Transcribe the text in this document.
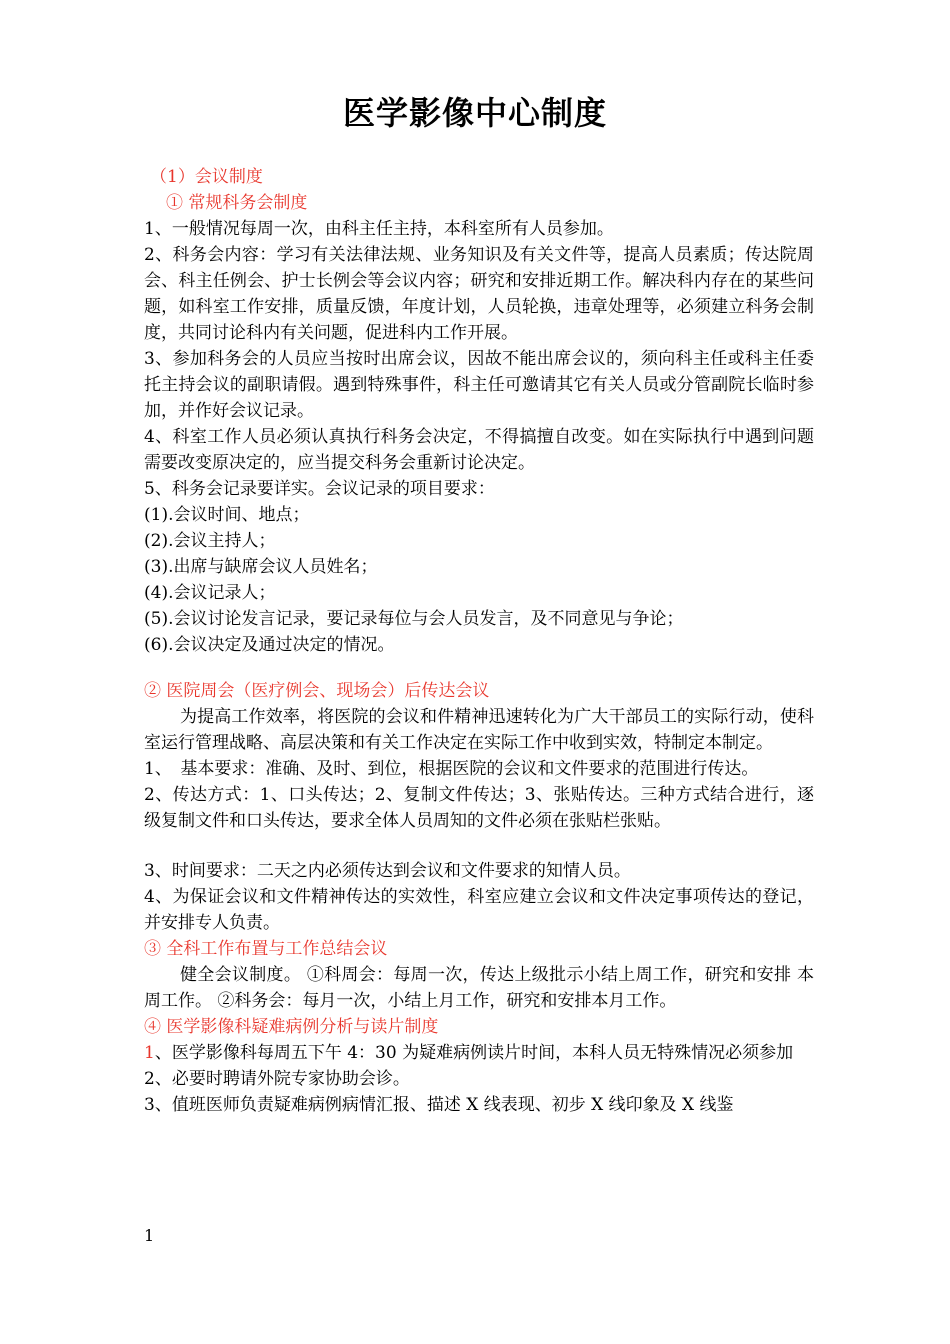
医学影像中心制度

（1）会议制度

① 常规科务会制度

1、一般情况每周一次，由科主任主持，本科室所有人员参加。

2、科务会内容：学习有关法律法规、业务知识及有关文件等，提高人员素质；传达院周会、科主任例会、护士长例会等会议内容；研究和安排近期工作。解决科内存在的某些问题，如科室工作安排，质量反馈，年度计划，人员轮换，违章处理等，必须建立科务会制度，共同讨论科内有关问题，促进科内工作开展。

3、参加科务会的人员应当按时出席会议，因故不能出席会议的，须向科主任或科主任委托主持会议的副职请假。遇到特殊事件，科主任可邀请其它有关人员或分管副院长临时参加，并作好会议记录。

4、科室工作人员必须认真执行科务会决定，不得搞擅自改变。如在实际执行中遇到问题需要改变原决定的，应当提交科务会重新讨论决定。

5、科务会记录要详实。会议记录的项目要求：

(1).会议时间、地点；

(2).会议主持人；

(3).出席与缺席会议人员姓名；

(4).会议记录人；

(5).会议讨论发言记录，要记录每位与会人员发言，及不同意见与争论；

(6).会议决定及通过决定的情况。

② 医院周会（医疗例会、现场会）后传达会议

为提高工作效率，将医院的会议和件精神迅速转化为广大干部员工的实际行动，使科室运行管理战略、高层决策和有关工作决定在实际工作中收到实效，特制定本制定。

1、　基本要求：准确、及时、到位，根据医院的会议和文件要求的范围进行传达。

2、传达方式：1、口头传达；2、复制文件传达；3、张贴传达。三种方式结合进行，逐级复制文件和口头传达，要求全体人员周知的文件必须在张贴栏张贴。

3、时间要求：二天之内必须传达到会议和文件要求的知情人员。

4、为保证会议和文件精神传达的实效性，科室应建立会议和文件决定事项传达的登记，并安排专人负责。

③ 全科工作布置与工作总结会议

健全会议制度。 ①科周会：每周一次，传达上级批示小结上周工作，研究和安排 本周工作。 ②科务会：每月一次，小结上月工作，研究和安排本月工作。

④ 医学影像科疑难病例分析与读片制度

1、医学影像科每周五下午 4：30 为疑难病例读片时间，本科人员无特殊情况必须参加

2、必要时聘请外院专家协助会诊。

3、值班医师负责疑难病例病情汇报、描述 X 线表现、初步 X 线印象及 X 线鉴

1
